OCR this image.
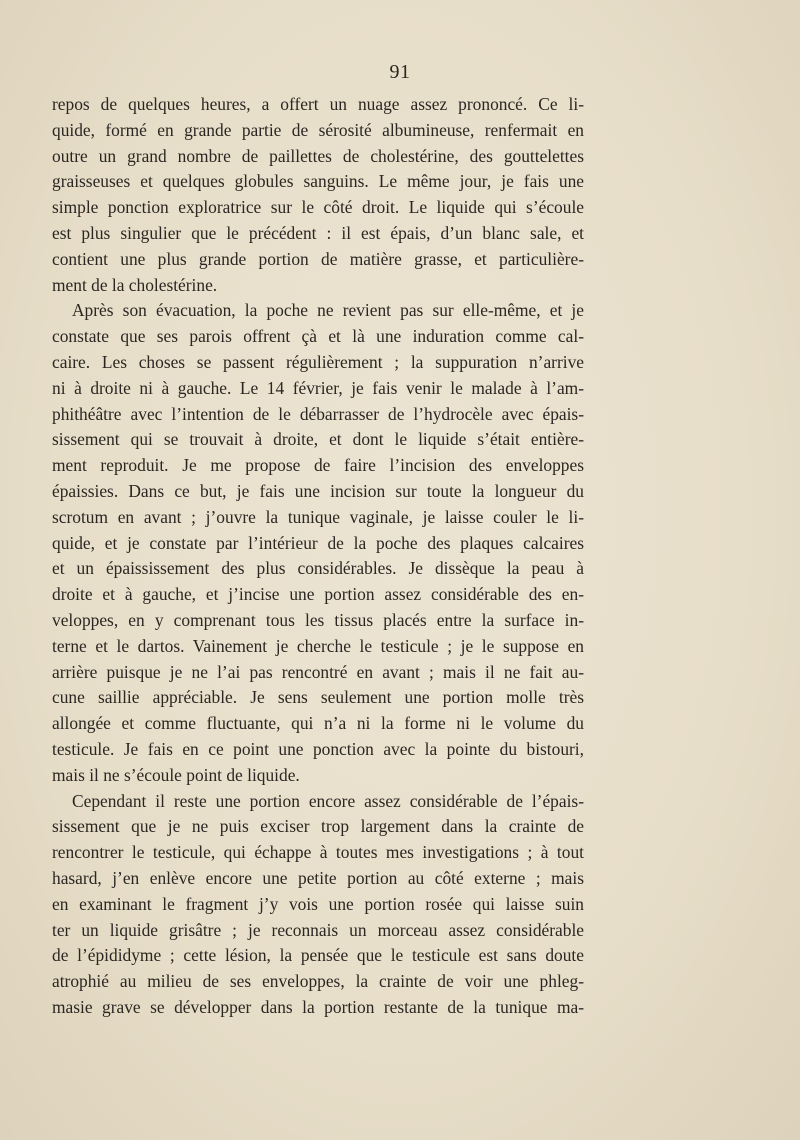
91
repos de quelques heures, a offert un nuage assez prononcé. Ce li-
quide, formé en grande partie de sérosité albumineuse, renfermait en
outre un grand nombre de paillettes de cholestérine, des gouttelettes
graisseuses et quelques globules sanguins. Le même jour, je fais une
simple ponction exploratrice sur le côté droit. Le liquide qui s’écoule
est plus singulier que le précédent : il est épais, d’un blanc sale, et
contient une plus grande portion de matière grasse, et particulière-
ment de la cholestérine.
Après son évacuation, la poche ne revient pas sur elle-même, et je
constate que ses parois offrent çà et là une induration comme cal-
caire. Les choses se passent régulièrement ; la suppuration n’arrive
ni à droite ni à gauche. Le 14 février, je fais venir le malade à l’am-
phithéâtre avec l’intention de le débarrasser de l’hydrocèle avec épais-
sissement qui se trouvait à droite, et dont le liquide s’était entière-
ment reproduit. Je me propose de faire l’incision des enveloppes
épaissies. Dans ce but, je fais une incision sur toute la longueur du
scrotum en avant ; j’ouvre la tunique vaginale, je laisse couler le li-
quide, et je constate par l’intérieur de la poche des plaques calcaires
et un épaississement des plus considérables. Je dissèque la peau à
droite et à gauche, et j’incise une portion assez considérable des en-
veloppes, en y comprenant tous les tissus placés entre la surface in-
terne et le dartos. Vainement je cherche le testicule ; je le suppose en
arrière puisque je ne l’ai pas rencontré en avant ; mais il ne fait au-
cune saillie appréciable. Je sens seulement une portion molle très
allongée et comme fluctuante, qui n’a ni la forme ni le volume du
testicule. Je fais en ce point une ponction avec la pointe du bistouri,
mais il ne s’écoule point de liquide.
Cependant il reste une portion encore assez considérable de l’épais-
sissement que je ne puis exciser trop largement dans la crainte de
rencontrer le testicule, qui échappe à toutes mes investigations ; à tout
hasard, j’en enlève encore une petite portion au côté externe ; mais
en examinant le fragment j’y vois une portion rosée qui laisse suin
ter un liquide grisâtre ; je reconnais un morceau assez considérable
de l’épididyme ; cette lésion, la pensée que le testicule est sans doute
atrophié au milieu de ses enveloppes, la crainte de voir une phleg-
masie grave se développer dans la portion restante de la tunique ma-
